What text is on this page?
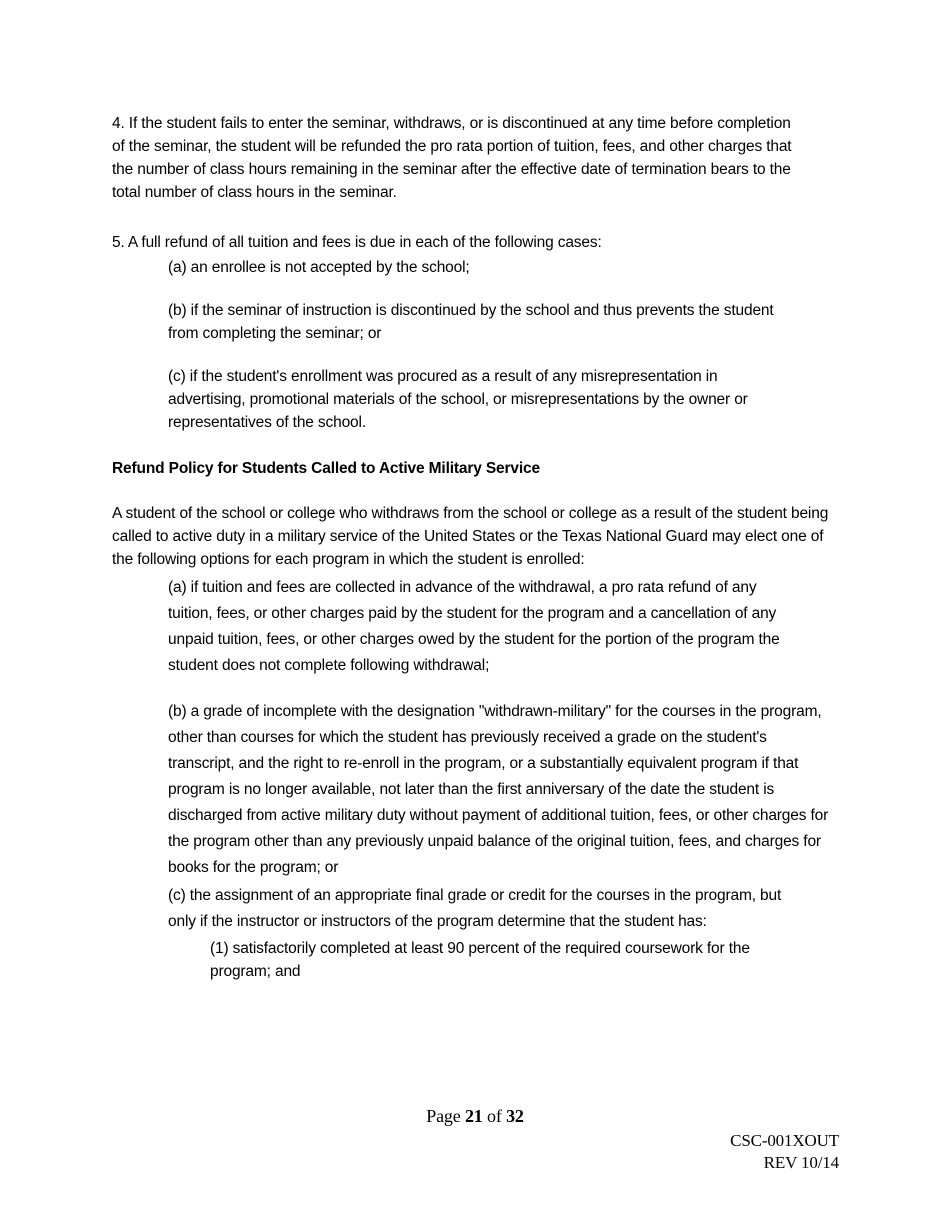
4. If the student fails to enter the seminar, withdraws, or is discontinued at any time before completion of the seminar, the student will be refunded the pro rata portion of tuition, fees, and other charges that the number of class hours remaining in the seminar after the effective date of termination bears to the total number of class hours in the seminar.

5. A full refund of all tuition and fees is due in each of the following cases:

(a) an enrollee is not accepted by the school;

(b) if the seminar of instruction is discontinued by the school and thus prevents the student from completing the seminar; or

(c) if the student's enrollment was procured as a result of any misrepresentation in advertising, promotional materials of the school, or misrepresentations by the owner or representatives of the school.

Refund Policy for Students Called to Active Military Service

A student of the school or college who withdraws from the school or college as a result of the student being called to active duty in a military service of the United States or the Texas National Guard may elect one of the following options for each program in which the student is enrolled:

(a) if tuition and fees are collected in advance of the withdrawal, a pro rata refund of any tuition, fees, or other charges paid by the student for the program and a cancellation of any unpaid tuition, fees, or other charges owed by the student for the portion of the program the student does not complete following withdrawal;

(b) a grade of incomplete with the designation "withdrawn-military" for the courses in the program, other than courses for which the student has previously received a grade on the student's transcript, and the right to re-enroll in the program, or a substantially equivalent program if that program is no longer available, not later than the first anniversary of the date the student is discharged from active military duty without payment of additional tuition, fees, or other charges for the program other than any previously unpaid balance of the original tuition, fees, and charges for books for the program; or

(c) the assignment of an appropriate final grade or credit for the courses in the program, but only if the instructor or instructors of the program determine that the student has:

(1) satisfactorily completed at least 90 percent of the required coursework for the program; and

Page 21 of 32
CSC-001XOUT
REV 10/14
